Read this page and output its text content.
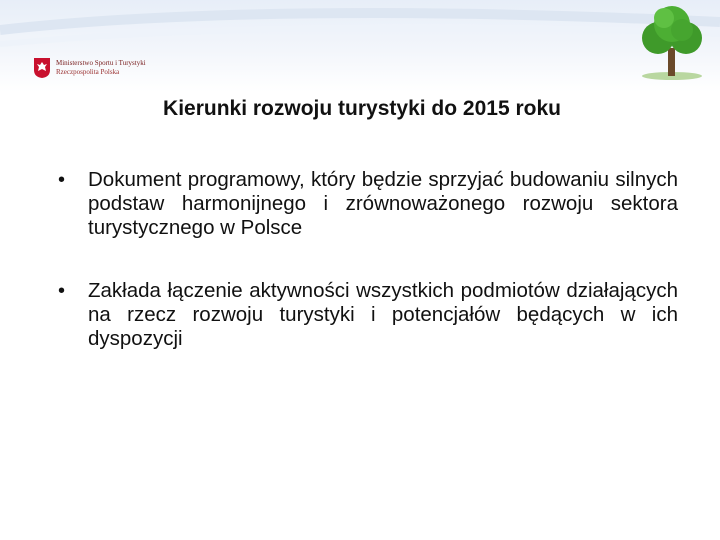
Ministerstwo Sportu i Turystyki
Rzeczpospolita Polska
Kierunki rozwoju turystyki do 2015 roku
• Dokument programowy, który będzie sprzyjać budowaniu silnych podstaw harmonijnego i zrównoważonego rozwoju sektora turystycznego w Polsce
• Zakłada łączenie aktywności wszystkich podmiotów działających na rzecz rozwoju turystyki i potencjałów będących w ich dyspozycji
